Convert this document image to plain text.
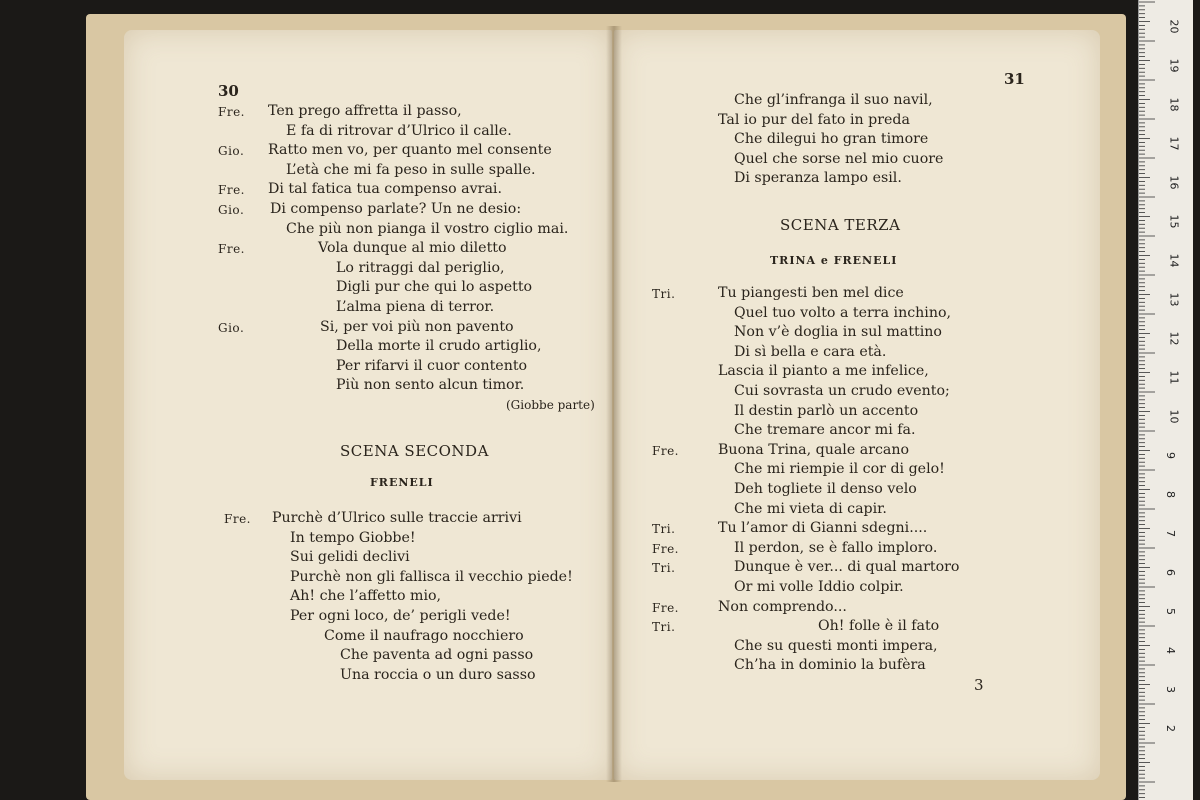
30
Fre. Ten prego affretta il passo,
E fa di ritrovar d’Ulrico il calle.
Gio. Ratto men vo, per quanto mel consente
L’età che mi fa peso in sulle spalle.
Fre. Di tal fatica tua compenso avrai.
Gio. Di compenso parlate? Un ne desio:
Che più non pianga il vostro ciglio mai.
Fre.	Vola dunque al mio diletto
Lo ritraggi dal periglio,
Digli pur che qui lo aspetto
L’alma piena di terror.
Gio.	Si, per voi più non pavento
Della morte il crudo artiglio,
Per rifarvi il cuor contento
Più non sento alcun timor.
(Giobbe parte)
SCENA SECONDA
FRENELI
Fre. Purchè d’Ulrico sulle traccie arrivi
In tempo Giobbe!
Sui gelidi declivi
Purchè non gli fallisca il vecchio piede!
Ah! che l’affetto mio,
Per ogni loco, de’ perigli vede!
Come il naufrago nocchiero
Che paventa ad ogni passo
Una roccia o un duro sasso
31
Che gl’infranga il suo navil,
Tal io pur del fato in preda
Che dilegui ho gran timore
Quel che sorse nel mio cuore
Di speranza lampo esil.
SCENA TERZA
TRINA e FRENELI
Tri.	Tu piangesti ben mel dice
Quel tuo volto a terra inchino,
Non v’è doglia in sul mattino
Di sì bella e cara età.
Lascia il pianto a me infelice,
Cui sovrasta un crudo evento;
Il destin parlò un accento
Che tremare ancor mi fa.
Fre.	Buona Trina, quale arcano
Che mi riempie il cor di gelo!
Deh togliete il denso velo
Che mi vieta di capir.
Tri.	Tu l’amor di Gianni sdegni....
Fre.	Il perdon, se è fallo imploro.
Tri.	Dunque è ver... di qual martoro
Or mi volle Iddio colpir.
Fre.	Non comprendo...
Tri.	Oh! folle è il fato
Che su questi monti impera,
Ch’ha in dominio la bufèra
3
20
19
18
17
16
15
14
13
12
11
10
9
8
7
6
5
4
3
2
